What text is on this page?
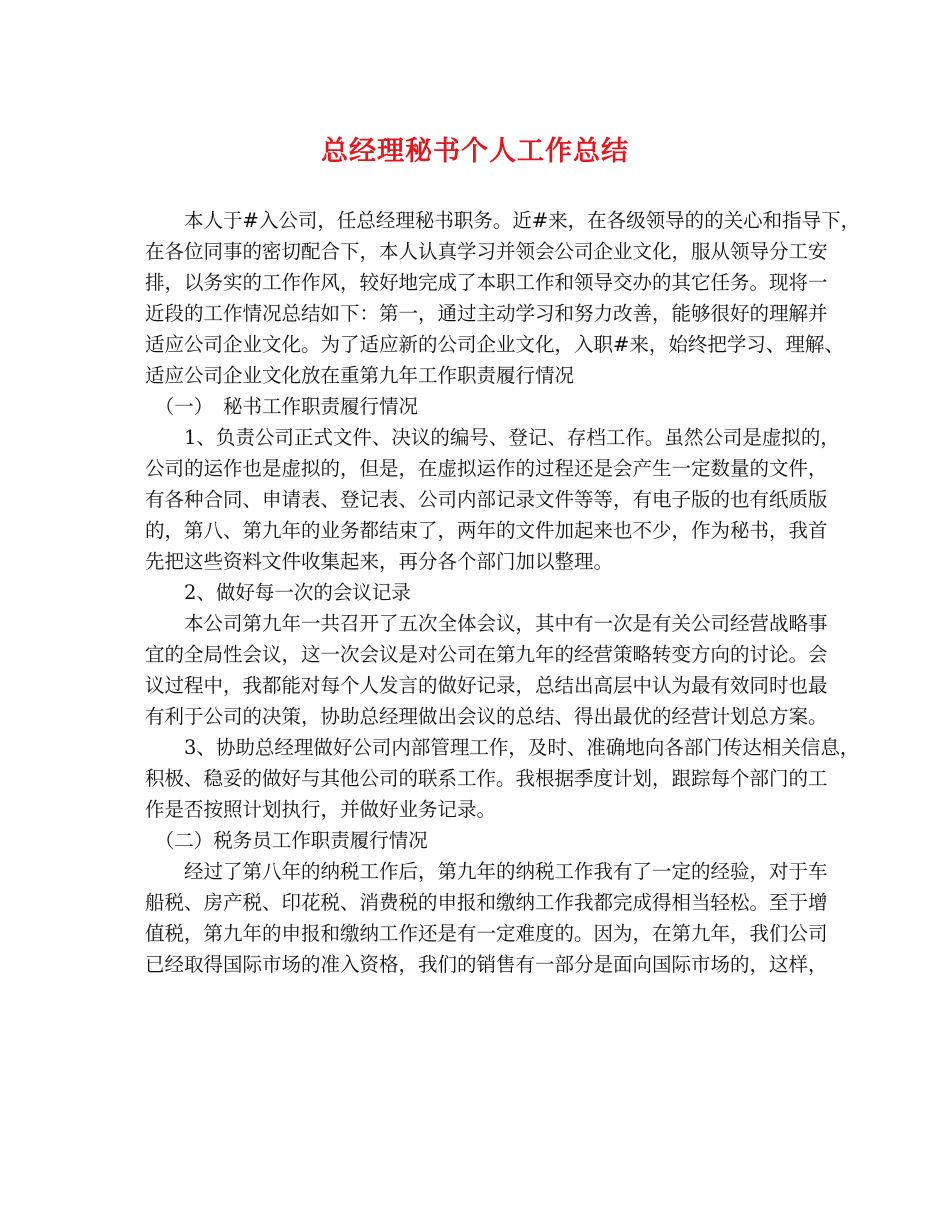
总经理秘书个人工作总结
　　本人于#入公司，任总经理秘书职务。近#来，在各级领导的的关心和指导下，
在各位同事的密切配合下，本人认真学习并领会公司企业文化，服从领导分工安
排，以务实的工作作风，较好地完成了本职工作和领导交办的其它任务。现将一
近段的工作情况总结如下：第一，通过主动学习和努力改善，能够很好的理解并
适应公司企业文化。为了适应新的公司企业文化，入职#来，始终把学习、理解、
适应公司企业文化放在重第九年工作职责履行情况
　（一）　秘书工作职责履行情况
　　1、负责公司正式文件、决议的编号、登记、存档工作。虽然公司是虚拟的，
公司的运作也是虚拟的，但是，在虚拟运作的过程还是会产生一定数量的文件，
有各种合同、申请表、登记表、公司内部记录文件等等，有电子版的也有纸质版
的，第八、第九年的业务都结束了，两年的文件加起来也不少，作为秘书，我首
先把这些资料文件收集起来，再分各个部门加以整理。
　　2、做好每一次的会议记录
　　本公司第九年一共召开了五次全体会议，其中有一次是有关公司经营战略事
宜的全局性会议，这一次会议是对公司在第九年的经营策略转变方向的讨论。会
议过程中，我都能对每个人发言的做好记录，总结出高层中认为最有效同时也最
有利于公司的决策，协助总经理做出会议的总结、得出最优的经营计划总方案。
　　3、协助总经理做好公司内部管理工作，及时、准确地向各部门传达相关信息，
积极、稳妥的做好与其他公司的联系工作。我根据季度计划，跟踪每个部门的工
作是否按照计划执行，并做好业务记录。
　（二）税务员工作职责履行情况
　　经过了第八年的纳税工作后，第九年的纳税工作我有了一定的经验，对于车
船税、房产税、印花税、消费税的申报和缴纳工作我都完成得相当轻松。至于增
值税，第九年的申报和缴纳工作还是有一定难度的。因为，在第九年，我们公司
已经取得国际市场的准入资格，我们的销售有一部分是面向国际市场的，这样，
